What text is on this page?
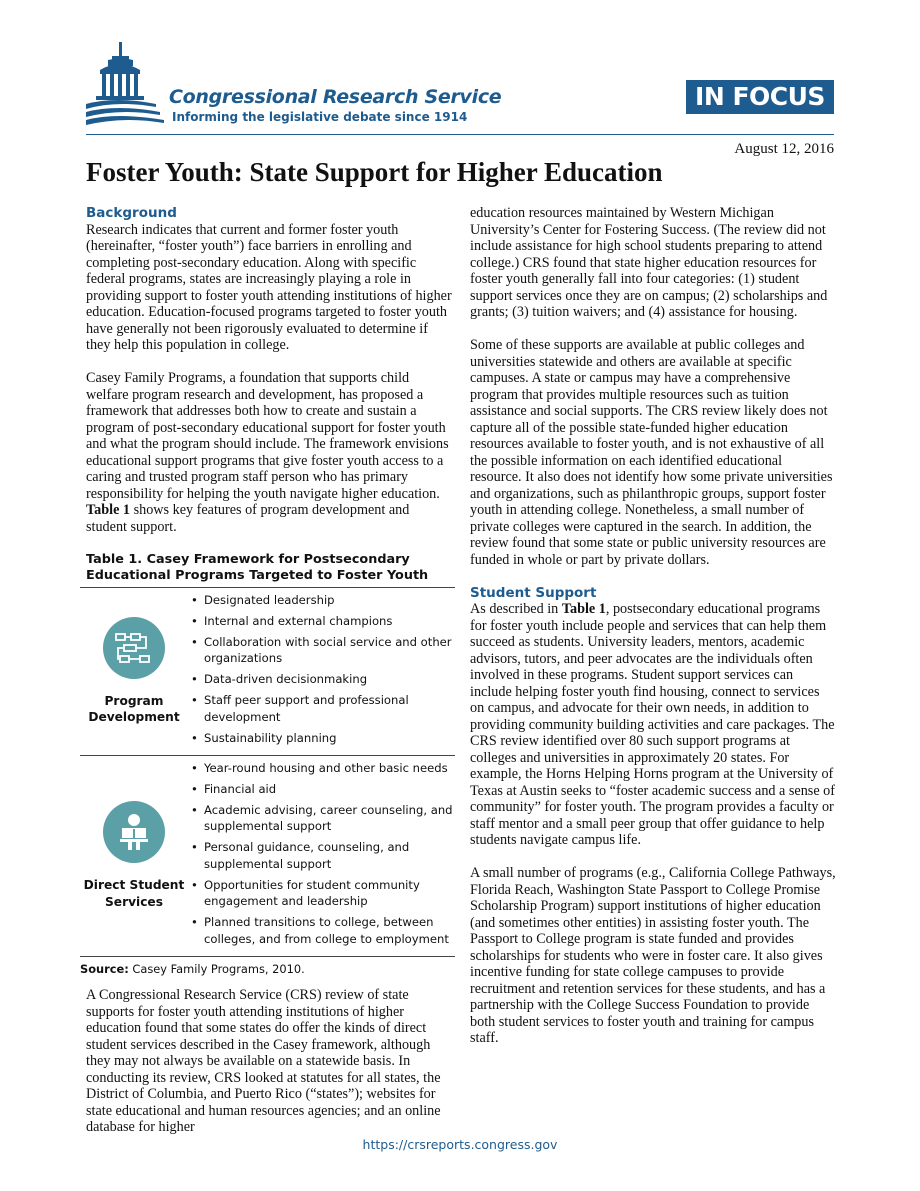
Congressional Research Service
Informing the legislative debate since 1914
IN FOCUS
August 12, 2016
Foster Youth: State Support for Higher Education
Background

Research indicates that current and former foster youth (hereinafter, “foster youth”) face barriers in enrolling and completing post-secondary education. Along with specific federal programs, states are increasingly playing a role in providing support to foster youth attending institutions of higher education. Education-focused programs targeted to foster youth have generally not been rigorously evaluated to determine if they help this population in college.

Casey Family Programs, a foundation that supports child welfare program research and development, has proposed a framework that addresses both how to create and sustain a program of post-secondary educational support for foster youth and what the program should include. The framework envisions educational support programs that give foster youth access to a caring and trusted program staff person who has primary responsibility for helping the youth navigate higher education. Table 1 shows key features of program development and student support.

Table 1. Casey Framework for Postsecondary Educational Programs Targeted to Foster Youth
Program Development
• Designated leadership
• Internal and external champions
• Collaboration with social service and other organizations
• Data-driven decisionmaking
• Staff peer support and professional development
• Sustainability planning
Direct Student Services
• Year-round housing and other basic needs
• Financial aid
• Academic advising, career counseling, and supplemental support
• Personal guidance, counseling, and supplemental support
• Opportunities for student community engagement and leadership
• Planned transitions to college, between colleges, and from college to employment
Source: Casey Family Programs, 2010.

A Congressional Research Service (CRS) review of state supports for foster youth attending institutions of higher education found that some states do offer the kinds of direct student services described in the Casey framework, although they may not always be available on a statewide basis. In conducting its review, CRS looked at statutes for all states, the District of Columbia, and Puerto Rico (“states”); websites for state educational and human resources agencies; and an online database for higher

education resources maintained by Western Michigan University’s Center for Fostering Success. (The review did not include assistance for high school students preparing to attend college.) CRS found that state higher education resources for foster youth generally fall into four categories: (1) student support services once they are on campus; (2) scholarships and grants; (3) tuition waivers; and (4) assistance for housing.

Some of these supports are available at public colleges and universities statewide and others are available at specific campuses. A state or campus may have a comprehensive program that provides multiple resources such as tuition assistance and social supports. The CRS review likely does not capture all of the possible state-funded higher education resources available to foster youth, and is not exhaustive of all the possible information on each identified educational resource. It also does not identify how some private universities and organizations, such as philanthropic groups, support foster youth in attending college. Nonetheless, a small number of private colleges were captured in the search. In addition, the review found that some state or public university resources are funded in whole or part by private dollars.

Student Support

As described in Table 1, postsecondary educational programs for foster youth include people and services that can help them succeed as students. University leaders, mentors, academic advisors, tutors, and peer advocates are the individuals often involved in these programs. Student support services can include helping foster youth find housing, connect to services on campus, and advocate for their own needs, in addition to providing community building activities and care packages. The CRS review identified over 80 such support programs at colleges and universities in approximately 20 states. For example, the Horns Helping Horns program at the University of Texas at Austin seeks to “foster academic success and a sense of community” for foster youth. The program provides a faculty or staff mentor and a small peer group that offer guidance to help students navigate campus life.

A small number of programs (e.g., California College Pathways, Florida Reach, Washington State Passport to College Promise Scholarship Program) support institutions of higher education (and sometimes other entities) in assisting foster youth. The Passport to College program is state funded and provides scholarships for students who were in foster care. It also gives incentive funding for state college campuses to provide recruitment and retention services for these students, and has a partnership with the College Success Foundation to provide both student services to foster youth and training for campus staff.

https://crsreports.congress.gov
